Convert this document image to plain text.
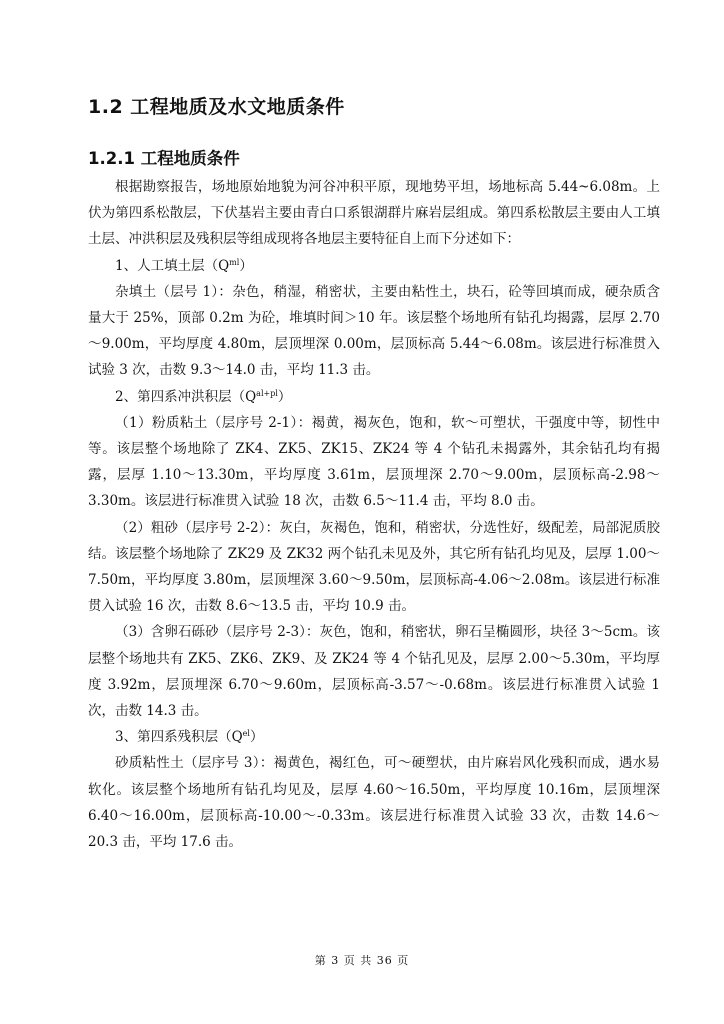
1.2 工程地质及水文地质条件
1.2.1 工程地质条件

根据勘察报告，场地原始地貌为河谷冲积平原，现地势平坦，场地标高 5.44~6.08m。上伏为第四系松散层，下伏基岩主要由青白口系银湖群片麻岩层组成。第四系松散层主要由人工填土层、冲洪积层及残积层等组成现将各地层主要特征自上而下分述如下：

1、人工填土层$(Q^{ml})$

杂填土（层号 1）：杂色，稍湿，稍密状，主要由粘性土，块石，砼等回填而成，硬杂质含量大于 25%，顶部 0.2m 为砼，堆填时间＞10 年。该层整个场地所有钻孔均揭露，层厚 2.70～9.00m，平均厚度 4.80m，层顶埋深 0.00m，层顶标高 5.44～6.08m。该层进行标准贯入试验 3 次，击数 9.3～14.0 击，平均 11.3 击。

2、第四系冲洪积层$(Q^{al+pl})$

（1）粉质粘土（层序号 2-1）：褐黄，褐灰色，饱和，软～可塑状，干强度中等，韧性中等。该层整个场地除了 ZK4、ZK5、ZK15、ZK24 等 4 个钻孔未揭露外，其余钻孔均有揭露，层厚 1.10～13.30m，平均厚度 3.61m，层顶埋深 2.70～9.00m，层顶标高-2.98～3.30m。该层进行标准贯入试验 18 次，击数 6.5～11.4 击，平均 8.0 击。

（2）粗砂（层序号 2-2）：灰白，灰褐色，饱和，稍密状，分选性好，级配差，局部泥质胶结。该层整个场地除了 ZK29 及 ZK32 两个钻孔未见及外，其它所有钻孔均见及，层厚 1.00～7.50m，平均厚度 3.80m，层顶埋深 3.60～9.50m，层顶标高-4.06～2.08m。该层进行标准贯入试验 16 次，击数 8.6～13.5 击，平均 10.9 击。

（3）含卵石砾砂（层序号 2-3）：灰色，饱和，稍密状，卵石呈椭圆形，块径 3～5cm。该层整个场地共有 ZK5、ZK6、ZK9、及 ZK24 等 4 个钻孔见及，层厚 2.00～5.30m，平均厚度 3.92m，层顶埋深 6.70～9.60m，层顶标高-3.57～-0.68m。该层进行标准贯入试验 1 次，击数 14.3 击。

3、第四系残积层$(Q^{el})$

砂质粘性土（层序号 3）：褐黄色，褐红色，可～硬塑状，由片麻岩风化残积而成，遇水易软化。该层整个场地所有钻孔均见及，层厚 4.60～16.50m，平均厚度 10.16m，层顶埋深 6.40～16.00m，层顶标高-10.00～-0.33m。该层进行标准贯入试验 33 次，击数 14.6～20.3 击，平均 17.6 击。

第 3 页 共 36 页
